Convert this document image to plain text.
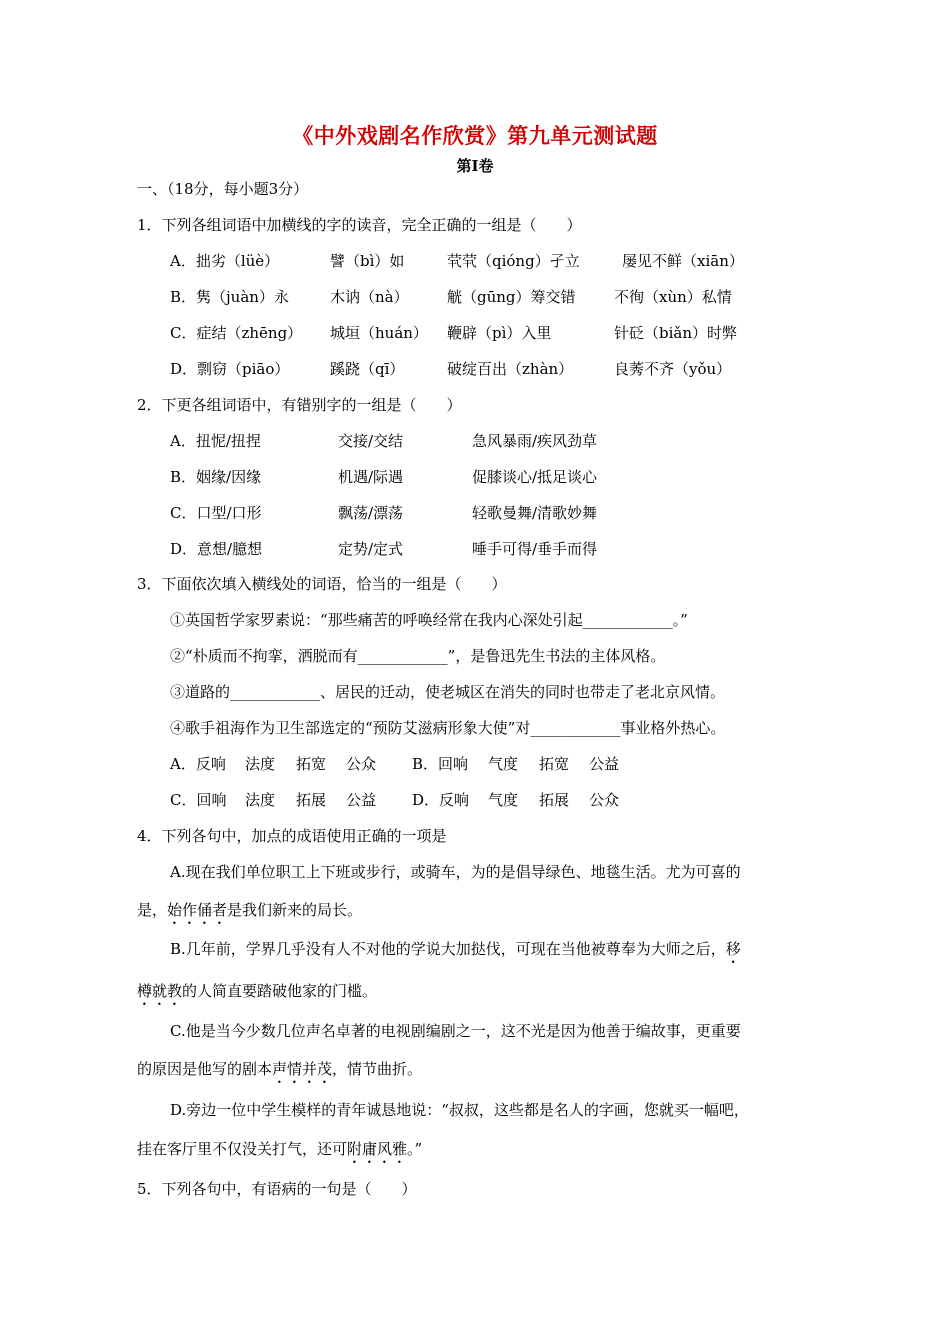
《中外戏剧名作欣赏》第九单元测试题
第Ⅰ卷
一、（18分，每小题3分）
1．下列各组词语中加横线的字的读音，完全正确的一组是（　　）
A．拙劣（lüè）	譬（bì）如	茕茕（qióng）孑立	屡见不鲜（xiān）
B．隽（juàn）永	木讷（nà）	觥（gūng）筹交错	不徇（xùn）私情
C．症结（zhēng） 城垣（huán） 鞭辟（pì）入里	针砭（biǎn）时弊
D．剽窃（piāo）	蹊跷（qī）	破绽百出（zhàn）	良莠不齐（yǒu）
2．下更各组词语中，有错别字的一组是（　　）
A．扭怩/扭捏	交接/交结	急风暴雨/疾风劲草
B．姻缘/因缘	机遇/际遇	促膝谈心/抵足谈心
C．口型/口形	飘荡/漂荡	轻歌曼舞/清歌妙舞
D．意想/臆想	定势/定式	唾手可得/垂手而得
3．下面依次填入横线处的词语，恰当的一组是（　　）
①英国哲学家罗素说：“那些痛苦的呼唤经常在我内心深处引起____________。”
②“朴质而不拘挛，洒脱而有____________”，是鲁迅先生书法的主体风格。
③道路的____________、居民的迁动，使老城区在消失的同时也带走了老北京风情。
④歌手祖海作为卫生部选定的“预防艾滋病形象大使”对____________事业格外热心。
A．反响 法度 拓宽 公众 B．回响 气度 拓宽 公益
C．回响 法度 拓展 公益 D．反响 气度 拓展 公众
4．下列各句中，加点的成语使用正确的一项是
A.现在我们单位职工上下班或步行，或骑车，为的是倡导绿色、地毯生活。尤为可喜的
是，始作俑者是我们新来的局长。
B.几年前，学界几乎没有人不对他的学说大加挞伐，可现在当他被尊奉为大师之后，移
樽就教的人简直要踏破他家的门槛。
C.他是当今少数几位声名卓著的电视剧编剧之一，这不光是因为他善于编故事，更重要
的原因是他写的剧本声情并茂，情节曲折。
D.旁边一位中学生模样的青年诚恳地说：“叔叔，这些都是名人的字画，您就买一幅吧，
挂在客厅里不仅没关打气，还可附庸风雅。”
5．下列各句中，有语病的一句是（　　）
